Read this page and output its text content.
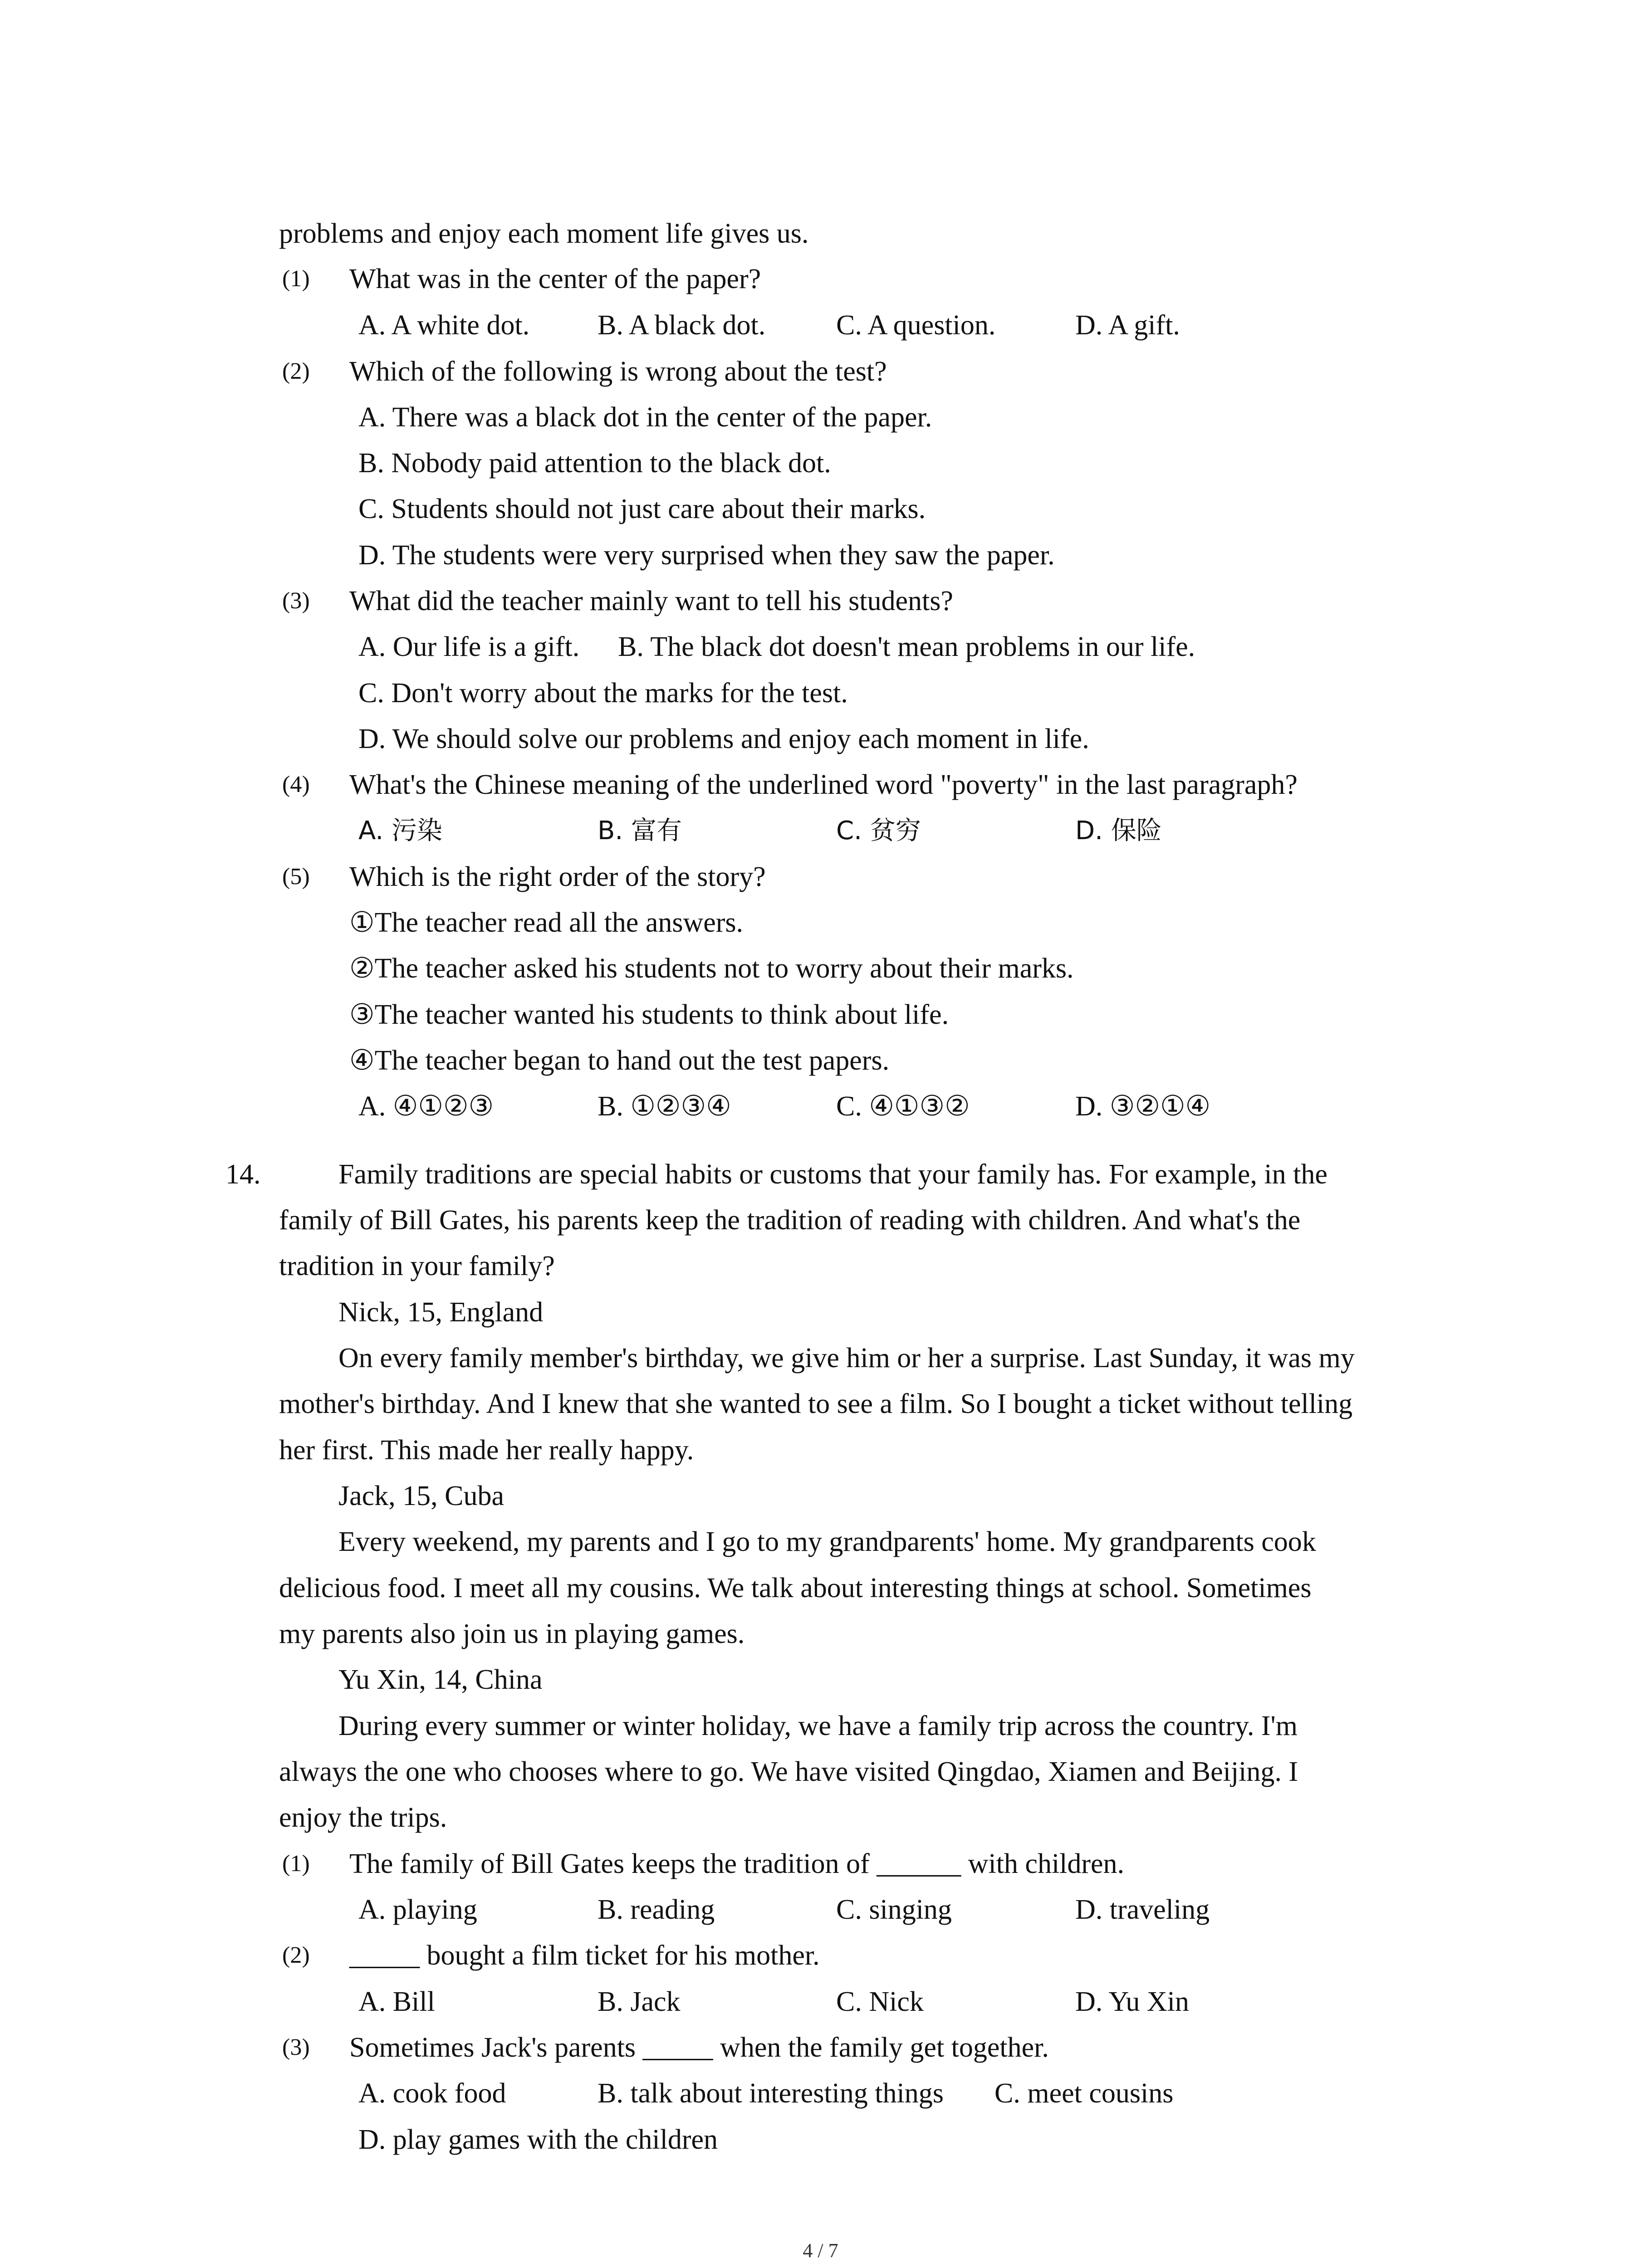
problems and enjoy each moment life gives us.

(1) What was in the center of the paper?

A. A white dot. B. A black dot.	C. A question.	D. A gift.

(2) Which of the following is wrong about the test?

A. There was a black dot in the center of the paper.

B. Nobody paid attention to the black dot.

C. Students should not just care about their marks.

D. The students were very surprised when they saw the paper.

(3) What did the teacher mainly want to tell his students?

A. Our life is a gift. B. The black dot doesn't mean problems in our life.

C. Don't worry about the marks for the test.

D. We should solve our problems and enjoy each moment in life.

(4) What's the Chinese meaning of the underlined word "poverty" in the last paragraph?

A. 污染	B. 富有	C. 贫穷	D. 保险

(5) Which is the right order of the story?

①The teacher read all the answers.

②The teacher asked his students not to worry about their marks.

③The teacher wanted his students to think about life.

④The teacher began to hand out the test papers.

A. ④①②③	B. ①②③④	C. ④①③②	D. ③②①④

14.	Family traditions are special habits or customs that your family has. For example, in the

family of Bill Gates, his parents keep the tradition of reading with children. And what's the

tradition in your family?

Nick, 15, England

On every family member's birthday, we give him or her a surprise. Last Sunday, it was my

mother's birthday. And I knew that she wanted to see a film. So I bought a ticket without telling

her first. This made her really happy.

Jack, 15, Cuba

Every weekend, my parents and I go to my grandparents' home. My grandparents cook

delicious food. I meet all my cousins. We talk about interesting things at school. Sometimes

my parents also join us in playing games.

Yu Xin, 14, China

During every summer or winter holiday, we have a family trip across the country. I'm

always the one who chooses where to go. We have visited Qingdao, Xiamen and Beijing. I

enjoy the trips.

(1) The family of Bill Gates keeps the tradition of ______ with children.

A. playing	B. reading	C. singing	D. traveling

(2) _____ bought a film ticket for his mother.

A. Bill	B. Jack	C. Nick	D. Yu Xin

(3) Sometimes Jack's parents _____ when the family get together.

A. cook food	B. talk about interesting things C. meet cousins

D. play games with the children

4 / 7
